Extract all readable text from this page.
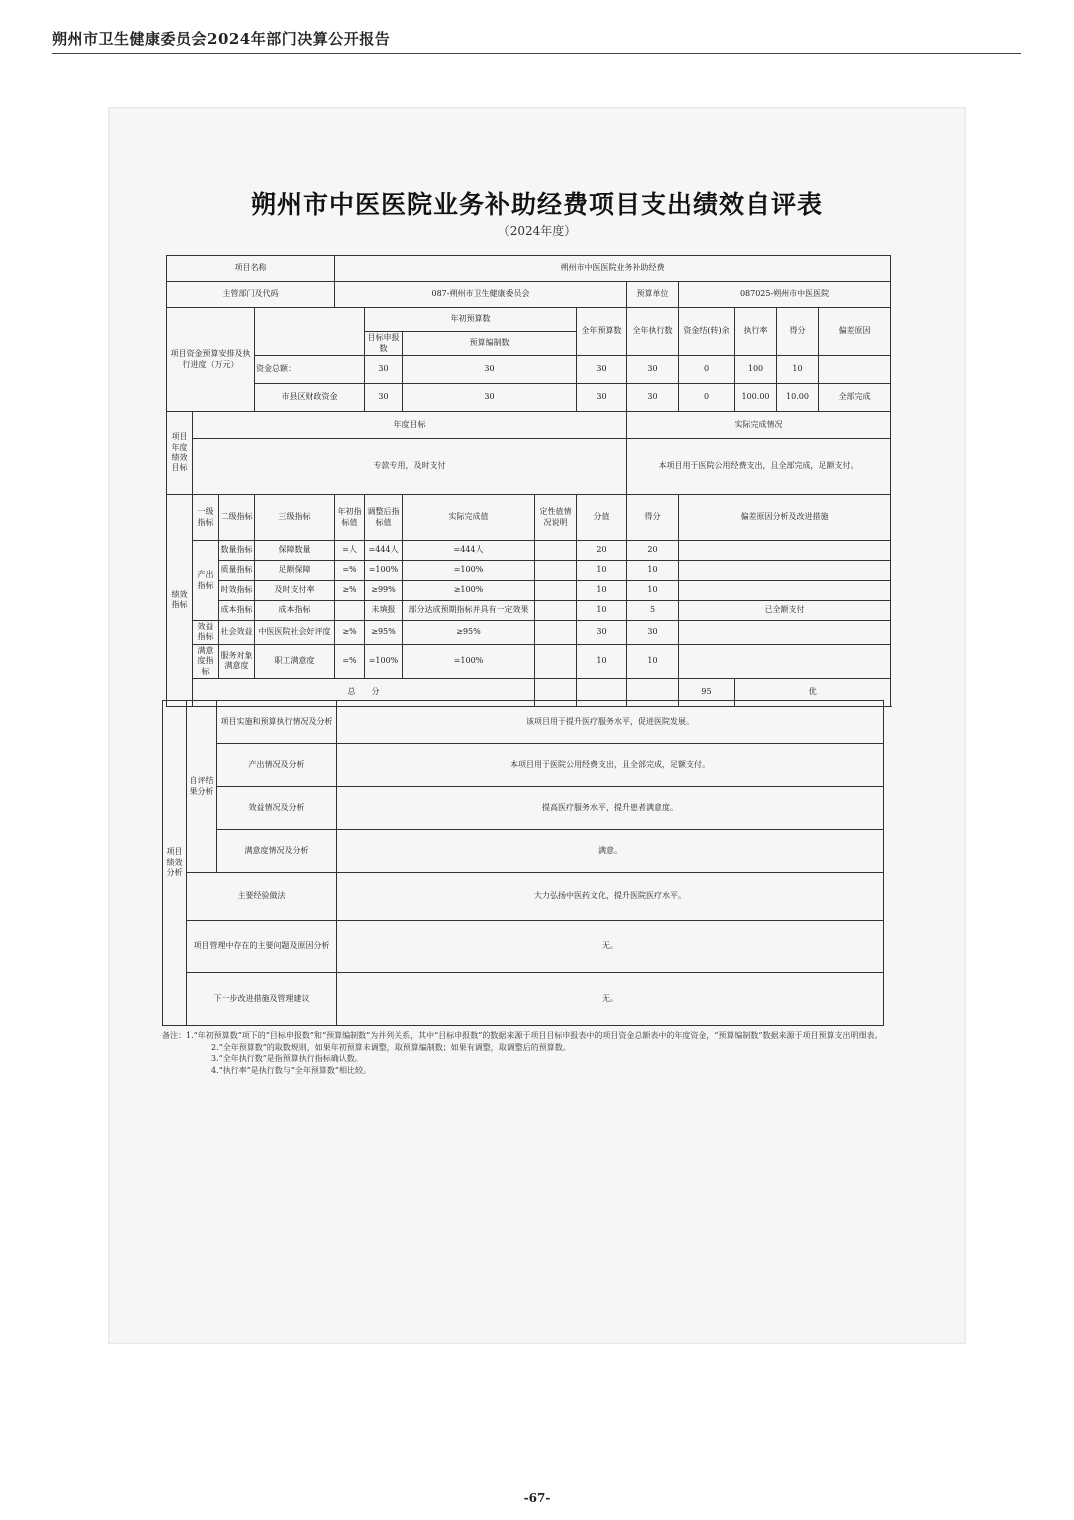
朔州市卫生健康委员会2024年部门决算公开报告
朔州市中医医院业务补助经费项目支出绩效自评表
（2024年度）
项目名称				朔州市中医医院业务补助经费									
主管部门及代码				087-朔州市卫生健康委员会					预算单位	087025-朔州市中医医院			
项目资金预算安排及执行进度（万元）					年初预算数			全年预算数	全年执行数	资金结(转)余	执行率	得分	偏差原因
					目标申报数	预算编制数							
			资金总额：		30	30		30	30	0	100	10	
			市县区财政资金		30	30		30	30	0	100.00	10.00	全部完成
项目年度绩效目标	年度目标								实际完成情况				
	专款专用，及时支付								本项目用于医院公用经费支出，且全部完成，足额支付。				
绩效指标	一级指标	二级指标	三级指标	年初指标值	调整后指标值	实际完成值	定性值情况说明	分值	得分	偏差原因分析及改进措施			
	产出指标	数量指标	保障数量	=人	=444人	=444人		20	20				
		质量指标	足额保障	=%	=100%	=100%		10	10				
		时效指标	及时支付率	≥%	≥99%	≥100%		10	10				
		成本指标	成本指标		未填报	部分达成预期指标并具有一定效果		10	5	已全额支付			
	效益指标	社会效益	中医医院社会好评度	≥%	≥95%	≥95%		30	30				
	满意度指标	服务对象满意度	职工满意度	=%	=100%	=100%		10	10				
	总　　分									95	优		
项目绩效分析	自评结果分析	项目实施和预算执行情况及分析	该项目用于提升医疗服务水平，促进医院发展。
		产出情况及分析	本项目用于医院公用经费支出，且全部完成，足额支付。
		效益情况及分析	提高医疗服务水平，提升患者满意度。
		满意度情况及分析	满意。
	主要经验做法		大力弘扬中医药文化，提升医院医疗水平。
	项目管理中存在的主要问题及原因分析		无。
	下一步改进措施及管理建议		无。

备注：1.“年初预算数”项下的“目标申报数”和“预算编制数”为并列关系，其中“目标申报数”的数据来源于项目目标申报表中的项目资金总额表中的年度资金，“预算编制数”数据来源于项目预算支出明细表。

2.“全年预算数”的取数规则，如果年初预算未调整，取预算编制数；如果有调整，取调整后的预算数。

3.“全年执行数”是指预算执行指标确认数。

4.“执行率”是执行数与“全年预算数”相比较。

-67-
